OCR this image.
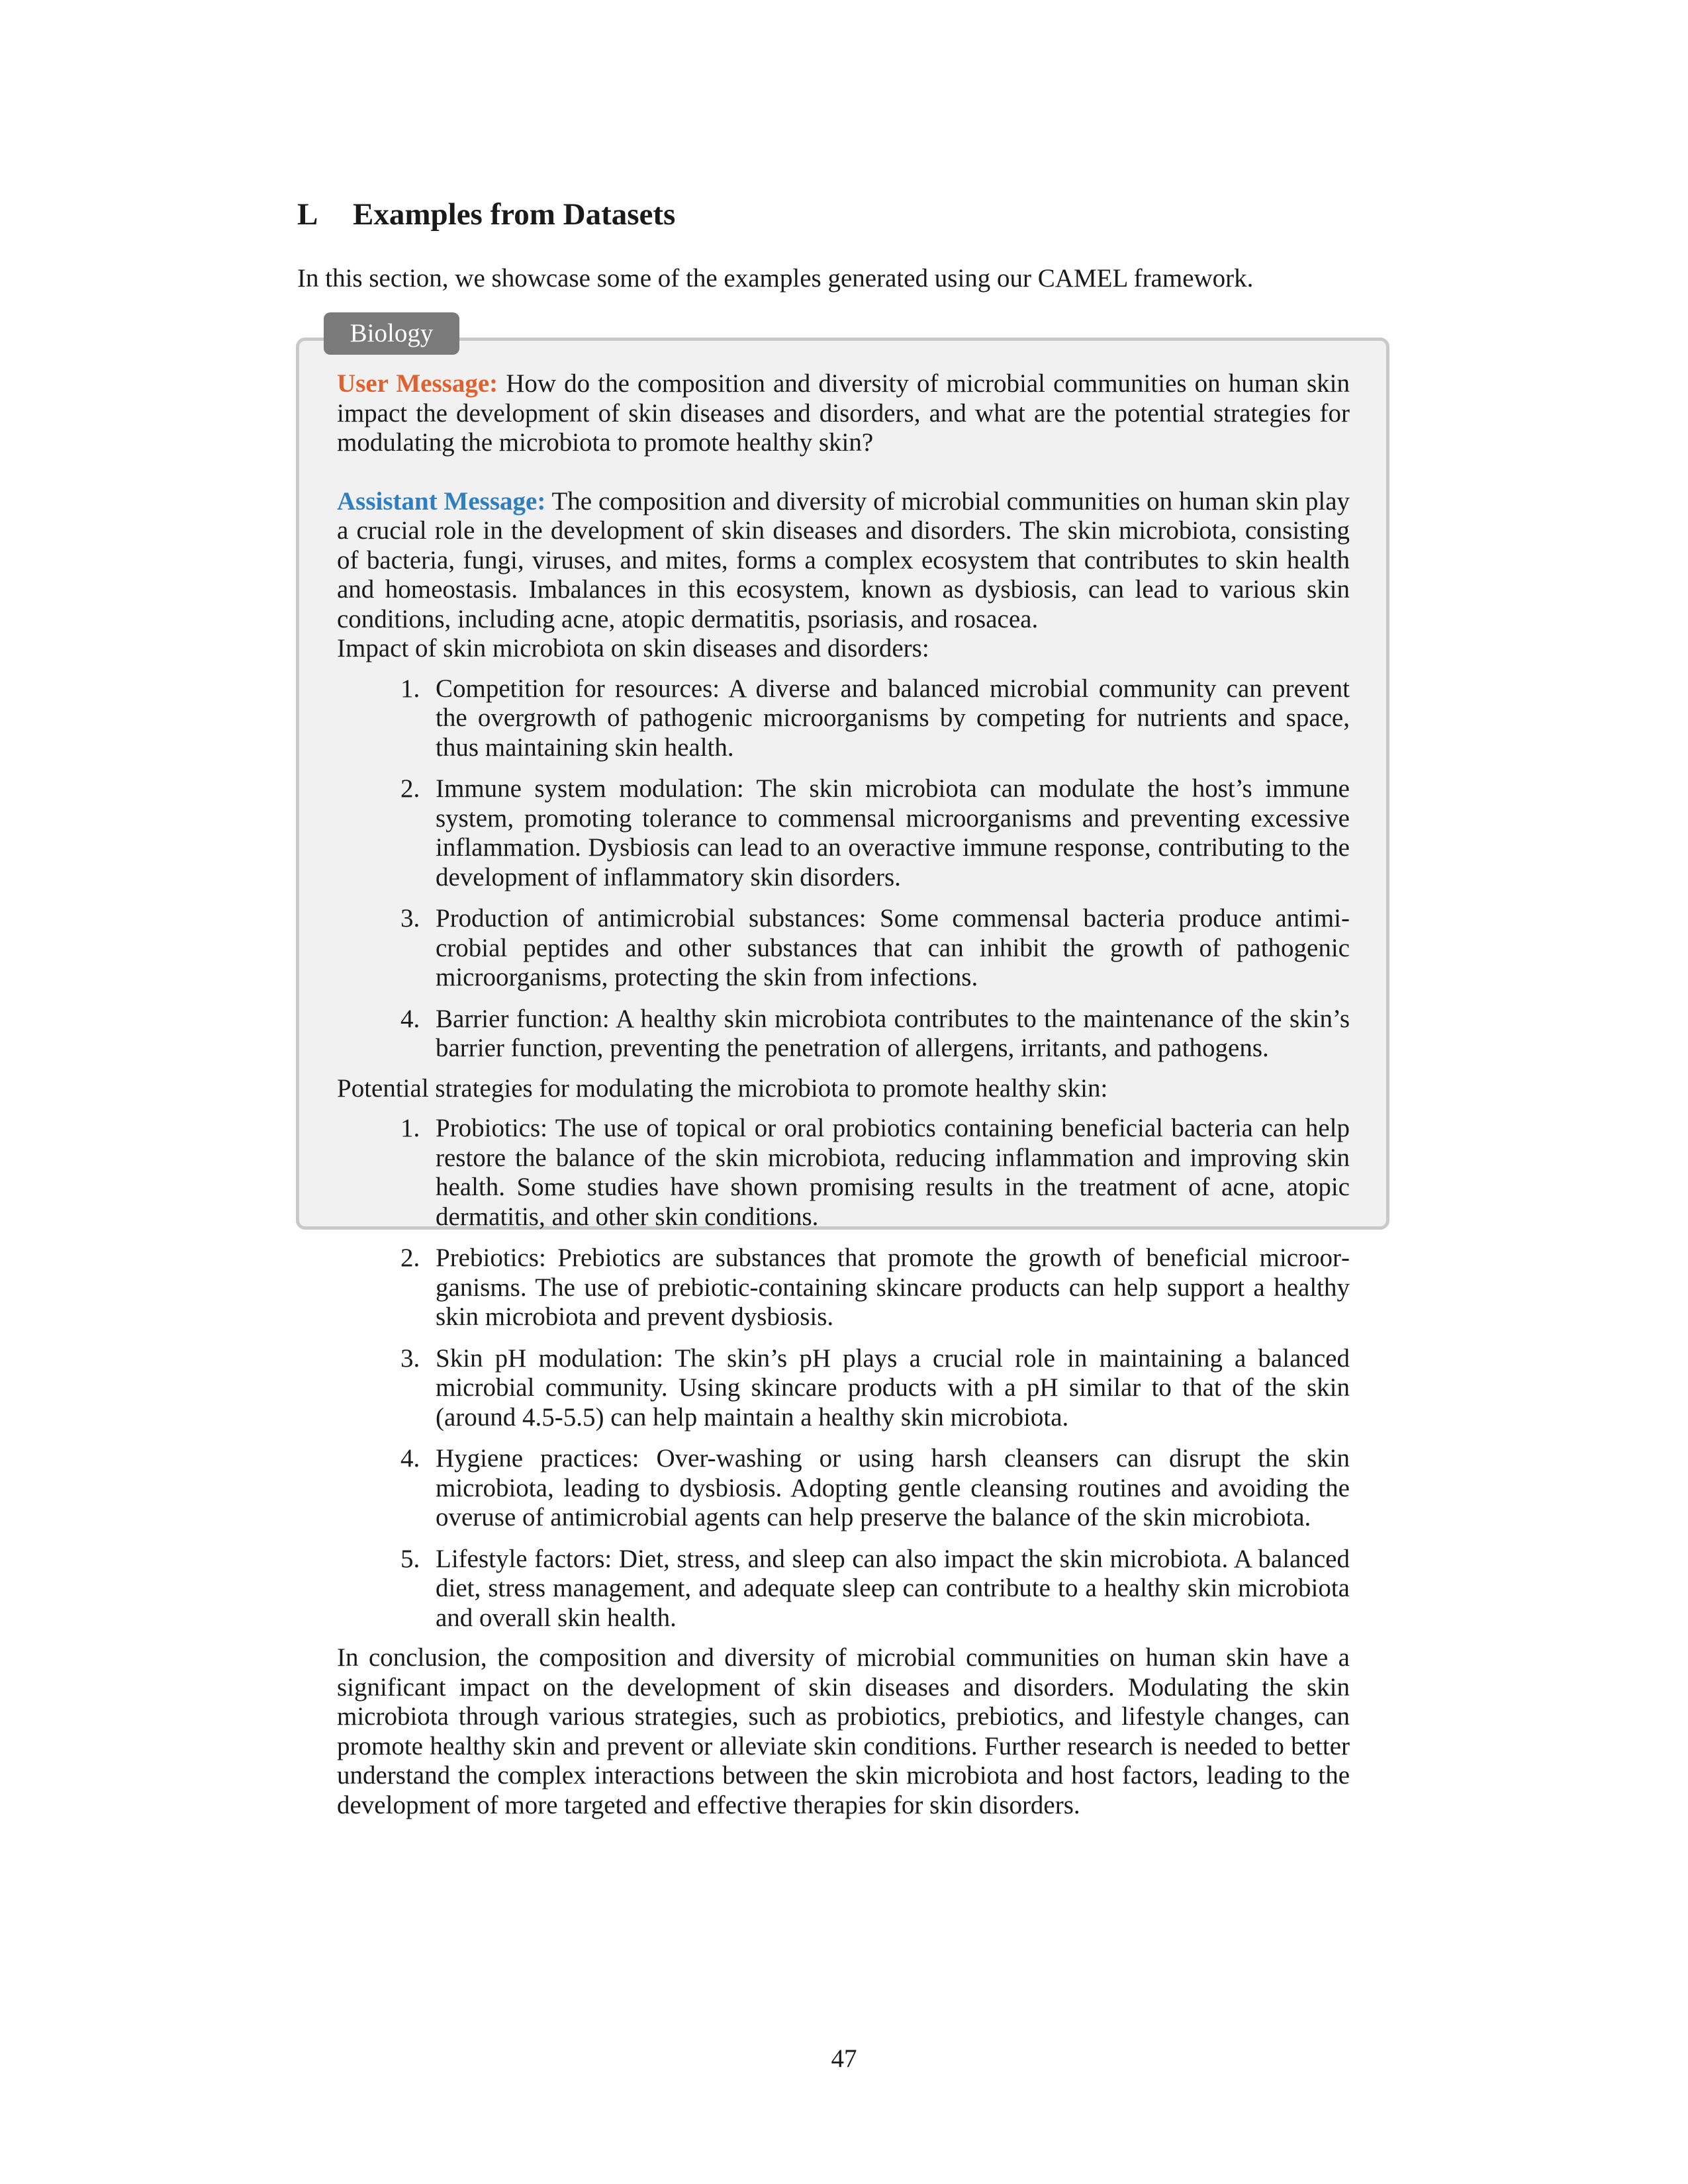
L Examples from Datasets

In this section, we showcase some of the examples generated using our CAMEL framework.

Biology

User Message: How do the composition and diversity of microbial communities on human skin impact the development of skin diseases and disorders, and what are the potential strategies for modulating the microbiota to promote healthy skin?

Assistant Message: The composition and diversity of microbial communities on human skin play a crucial role in the development of skin diseases and disorders. The skin microbiota, consisting of bacteria, fungi, viruses, and mites, forms a complex ecosystem that contributes to skin health and homeostasis. Imbalances in this ecosystem, known as dysbiosis, can lead to various skin conditions, including acne, atopic dermatitis, psoriasis, and rosacea.

Impact of skin microbiota on skin diseases and disorders:

1. Competition for resources: A diverse and balanced microbial community can prevent the overgrowth of pathogenic microorganisms by competing for nutrients and space, thus maintaining skin health.
2. Immune system modulation: The skin microbiota can modulate the host’s immune system, promoting tolerance to commensal microorganisms and preventing excessive inflammation. Dysbiosis can lead to an overactive immune response, contributing to the development of inflammatory skin disorders.
3. Production of antimicrobial substances: Some commensal bacteria produce antimicrobial peptides and other substances that can inhibit the growth of pathogenic microorganisms, protecting the skin from infections.
4. Barrier function: A healthy skin microbiota contributes to the maintenance of the skin’s barrier function, preventing the penetration of allergens, irritants, and pathogens.

Potential strategies for modulating the microbiota to promote healthy skin:

1. Probiotics: The use of topical or oral probiotics containing beneficial bacteria can help restore the balance of the skin microbiota, reducing inflammation and improving skin health. Some studies have shown promising results in the treatment of acne, atopic dermatitis, and other skin conditions.
2. Prebiotics: Prebiotics are substances that promote the growth of beneficial microorganisms. The use of prebiotic-containing skincare products can help support a healthy skin microbiota and prevent dysbiosis.
3. Skin pH modulation: The skin’s pH plays a crucial role in maintaining a balanced microbial community. Using skincare products with a pH similar to that of the skin (around 4.5-5.5) can help maintain a healthy skin microbiota.
4. Hygiene practices: Over-washing or using harsh cleansers can disrupt the skin microbiota, leading to dysbiosis. Adopting gentle cleansing routines and avoiding the overuse of antimicrobial agents can help preserve the balance of the skin microbiota.
5. Lifestyle factors: Diet, stress, and sleep can also impact the skin microbiota. A balanced diet, stress management, and adequate sleep can contribute to a healthy skin microbiota and overall skin health.

In conclusion, the composition and diversity of microbial communities on human skin have a significant impact on the development of skin diseases and disorders. Modulating the skin microbiota through various strategies, such as probiotics, prebiotics, and lifestyle changes, can promote healthy skin and prevent or alleviate skin conditions. Further research is needed to better understand the complex interactions between the skin microbiota and host factors, leading to the development of more targeted and effective therapies for skin disorders.

47
